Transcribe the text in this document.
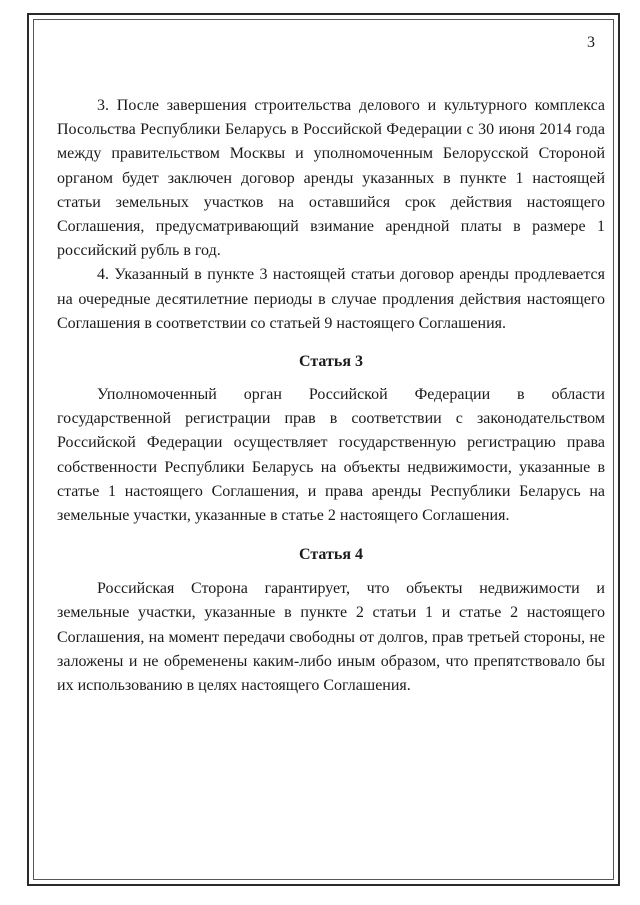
3

3. После завершения строительства делового и культурного комплекса Посольства Республики Беларусь в Российской Федерации с 30 июня 2014 года между правительством Москвы и уполномоченным Белорусской Стороной органом будет заключен договор аренды указанных в пункте 1 настоящей статьи земельных участков на оставшийся срок действия настоящего Соглашения, предусматривающий взимание арендной платы в размере 1 российский рубль в год.

4. Указанный в пункте 3 настоящей статьи договор аренды продлевается на очередные десятилетние периоды в случае продления действия настоящего Соглашения в соответствии со статьей 9 настоящего Соглашения.

Статья 3

Уполномоченный орган Российской Федерации в области государственной регистрации прав в соответствии с законодательством Российской Федерации осуществляет государственную регистрацию права собственности Республики Беларусь на объекты недвижимости, указанные в статье 1 настоящего Соглашения, и права аренды Республики Беларусь на земельные участки, указанные в статье 2 настоящего Соглашения.

Статья 4

Российская Сторона гарантирует, что объекты недвижимости и земельные участки, указанные в пункте 2 статьи 1 и статье 2 настоящего Соглашения, на момент передачи свободны от долгов, прав третьей стороны, не заложены и не обременены каким-либо иным образом, что препятствовало бы их использованию в целях настоящего Соглашения.
